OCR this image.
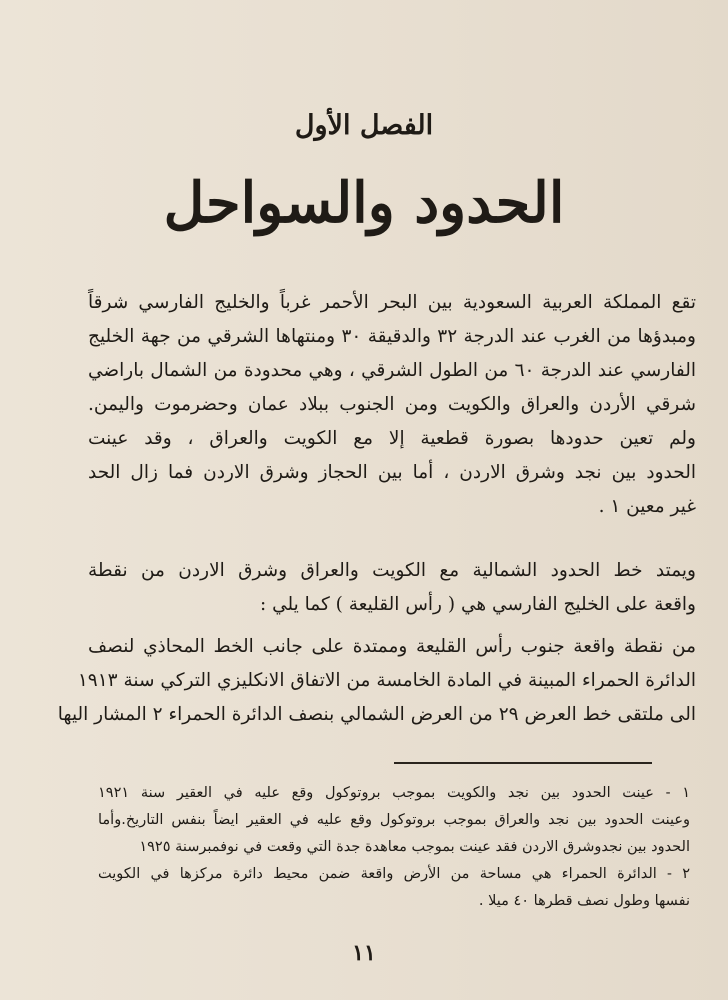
الفصل الأول
الحدود والسواحل
تقع المملكة العربية السعودية بين البحر الأحمر غرباً والخليج الفارسي شرقاً
ومبدؤها من الغرب عند الدرجة ٣٢ والدقيقة ٣٠ ومنتهاها الشرقي من جهة الخليج
الفارسي عند الدرجة ٦٠ من الطول الشرقي ، وهي محدودة من الشمال باراضي
شرقي الأردن والعراق والكويت ومن الجنوب ببلاد عمان وحضرموت واليمن.
ولم تعين حدودها بصورة قطعية إلا مع الكويت والعراق ، وقد عينت
الحدود بين نجد وشرق الاردن ، أما بين الحجاز وشرق الاردن فما زال الحد
غير معين ١ .
ويمتد خط الحدود الشمالية مع الكويت والعراق وشرق الاردن من نقطة
واقعة على الخليج الفارسي هي ( رأس القليعة ) كما يلي :
من نقطة واقعة جنوب رأس القليعة وممتدة على جانب الخط المحاذي لنصف
الدائرة الحمراء المبينة في المادة الخامسة من الاتفاق الانكليزي التركي سنة ١٩١٣
الى ملتقى خط العرض ٢٩ من العرض الشمالي بنصف الدائرة الحمراء ٢ المشار اليها
١ - عينت الحدود بين نجد والكويت بموجب بروتوكول وقع عليه في العقير سنة ١٩٢١
وعينت الحدود بين نجد والعراق بموجب بروتوكول وقع عليه في العقير ايضاً بنفس التاريخ.وأما
الحدود بين نجدوشرق الاردن فقد عينت بموجب معاهدة جدة التي وقعت في نوفمبرسنة ١٩٢٥
٢ - الدائرة الحمراء هي مساحة من الأرض واقعة ضمن محيط دائرة مركزها في الكويت
نفسها وطول نصف قطرها ٤٠ ميلا .
١١
